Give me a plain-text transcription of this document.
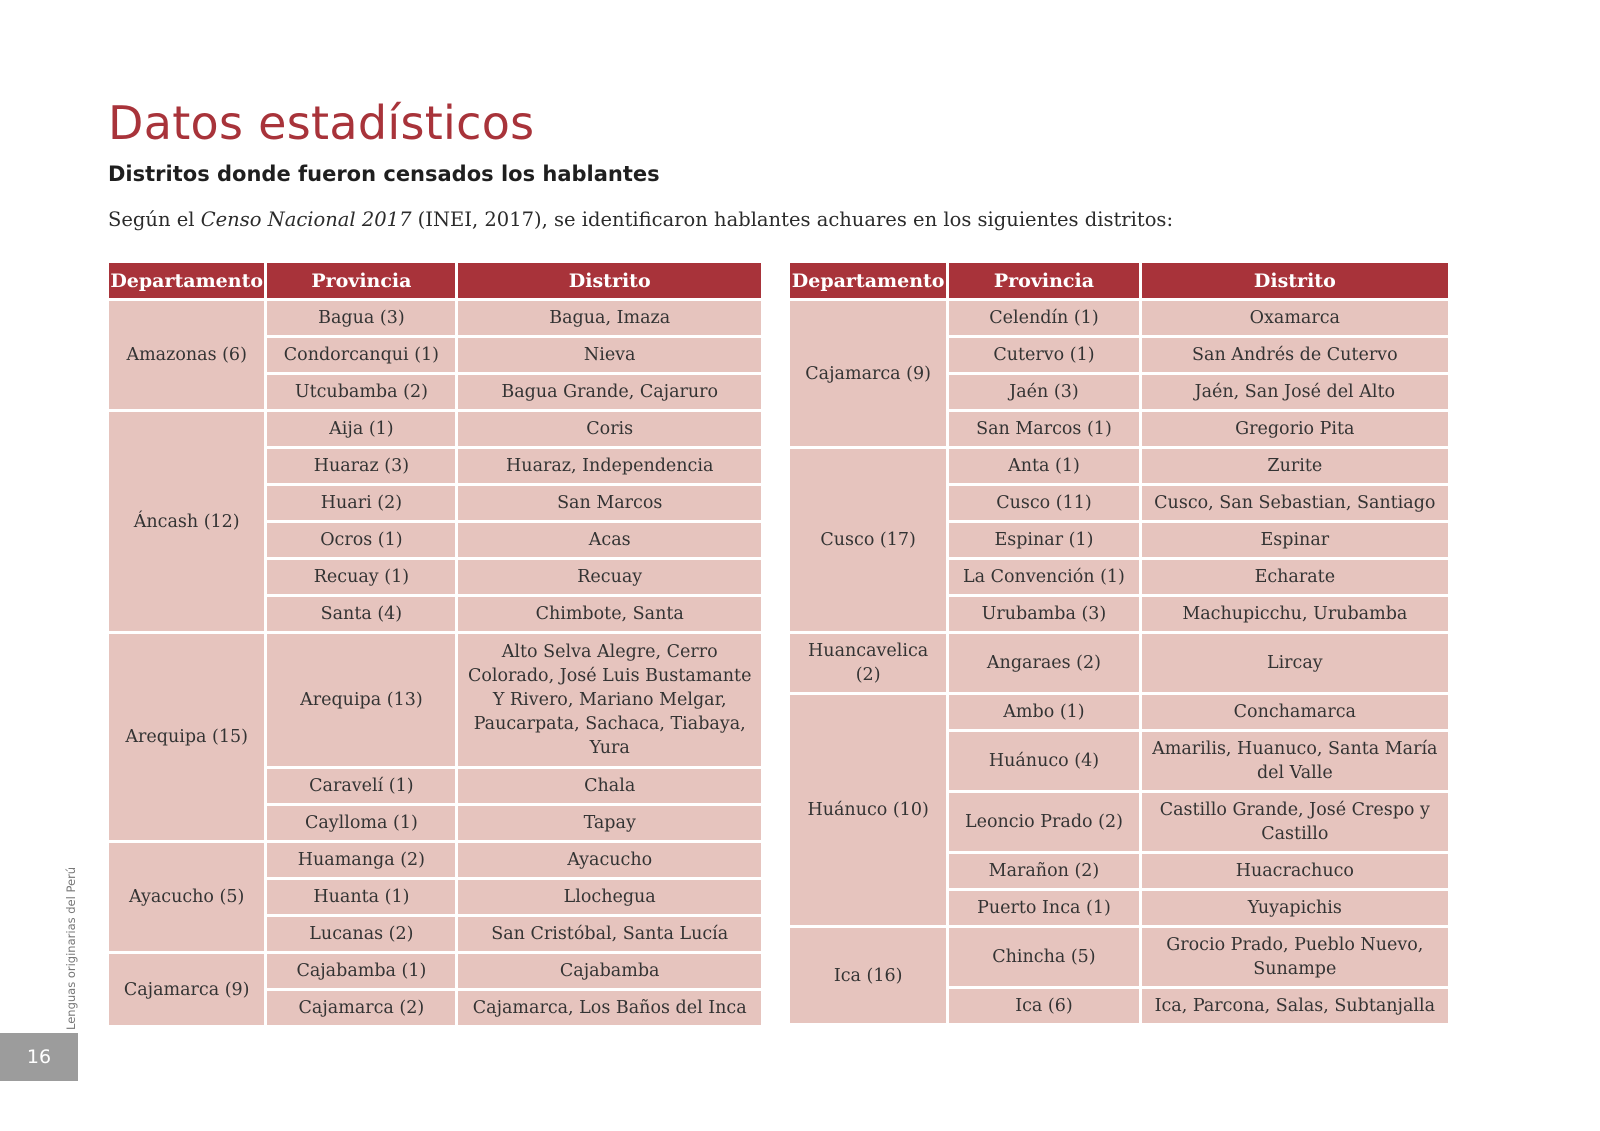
Datos estadísticos
Distritos donde fueron censados los hablantes

Según el Censo Nacional 2017 (INEI, 2017), se identificaron hablantes achuares en los siguientes distritos:

Departamento	Provincia	Distrito
Amazonas (6)	Bagua (3)	Bagua, Imaza
	Condorcanqui (1)	Nieva
	Utcubamba (2)	Bagua Grande, Cajaruro
Áncash (12)	Aija (1)	Coris
	Huaraz (3)	Huaraz, Independencia
	Huari (2)	San Marcos
	Ocros (1)	Acas
	Recuay (1)	Recuay
	Santa (4)	Chimbote, Santa
Arequipa (15)	Arequipa (13)	Alto Selva Alegre, Cerro Colorado, José Luis Bustamante Y Rivero, Mariano Melgar, Paucarpata, Sachaca, Tiabaya, Yura
	Caravelí (1)	Chala
	Caylloma (1)	Tapay
Ayacucho (5)	Huamanga (2)	Ayacucho
	Huanta (1)	Llochegua
	Lucanas (2)	San Cristóbal, Santa Lucía
Cajamarca (9)	Cajabamba (1)	Cajabamba
	Cajamarca (2)	Cajamarca, Los Baños del Inca
Departamento	Provincia	Distrito
Cajamarca (9)	Celendín (1)	Oxamarca
	Cutervo (1)	San Andrés de Cutervo
	Jaén (3)	Jaén, San José del Alto
	San Marcos (1)	Gregorio Pita
Cusco (17)	Anta (1)	Zurite
	Cusco (11)	Cusco, San Sebastian, Santiago
	Espinar (1)	Espinar
	La Convención (1)	Echarate
	Urubamba (3)	Machupicchu, Urubamba
Huancavelica (2)	Angaraes (2)	Lircay
Huánuco (10)	Ambo (1)	Conchamarca
	Huánuco (4)	Amarilis, Huanuco, Santa María del Valle
	Leoncio Prado (2)	Castillo Grande, José Crespo y Castillo
	Marañon (2)	Huacrachuco
	Puerto Inca (1)	Yuyapichis
Ica (16)	Chincha (5)	Grocio Prado, Pueblo Nuevo, Sunampe
	Ica (6)	Ica, Parcona, Salas, Subtanjalla
Lenguas originarias del Perú
16
